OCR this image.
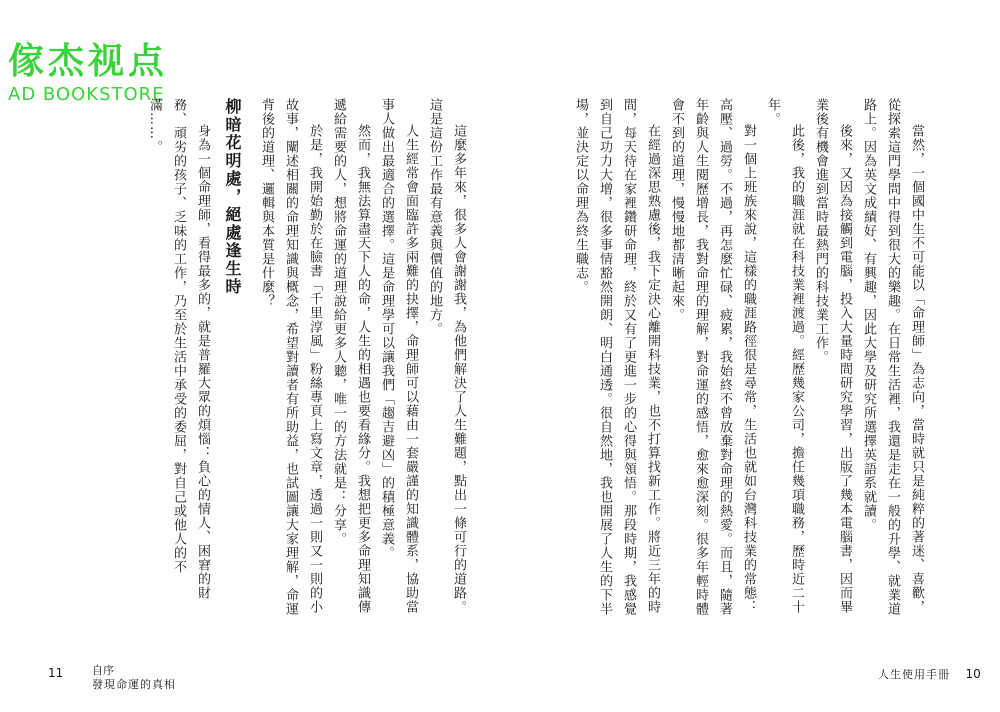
傢杰视点
AD BOOKSTORE

當然，一個國中生不可能以「命理師」為志向，當時就只是純粹的著迷、喜歡，從探索這門學問中得到很大的樂趣。在日常生活裡，我還是走在一般的升學、就業道路上。因為英文成績好、有興趣，因此大學及研究所選擇英語系就讀。

後來，又因為接觸到電腦，投入大量時間研究學習，出版了幾本電腦書，因而畢業後有機會進到當時最熱門的科技業工作。

此後，我的職涯就在科技業裡渡過。經歷幾家公司，擔任幾項職務，歷時近二十年。

對一個上班族來說，這樣的職涯路徑很是尋常，生活也就如台灣科技業的常態：高壓、過勞。不過，再怎麼忙碌、疲累，我始終不曾放棄對命理的熱愛。而且，隨著年齡與人生閱歷增長，我對命理的理解，對命運的感悟，愈來愈深刻。很多年輕時體會不到的道理，慢慢地都清晰起來。

在經過深思熟慮後，我下定決心離開科技業，也不打算找新工作。將近三年的時間，每天待在家裡鑽研命理，終於又有了更進一步的心得與領悟。那段時期，我感覺到自己功力大增，很多事情豁然開朗、明白通透。很自然地，我也開展了人生的下半場，並決定以命理為終生職志。

這麼多年來，很多人會謝謝我，為他們解決了人生難題，點出一條可行的道路。這是這份工作最有意義與價值的地方。

人生經常會面臨許多兩難的抉擇，命理師可以藉由一套嚴謹的知識體系，協助當事人做出最適合的選擇。這是命理學可以讓我們「趨吉避凶」的積極意義。

然而，我無法算盡天下人的命，人生的相遇也要看緣分。我想把更多命理知識傳遞給需要的人，想將命運的道理說給更多人聽，唯一的方法就是：分享。

於是，我開始勤於在臉書「千里淳風」粉絲專頁上寫文章，透過一則又一則的小故事，闡述相關的命理知識與概念，希望對讀者有所助益，也試圖讓大家理解，命運背後的道理、邏輯與本質是什麼？

柳暗花明處，絕處逢生時

身為一個命理師，看得最多的，就是普羅大眾的煩惱：負心的情人、困窘的財務、頑劣的孩子、乏味的工作，乃至於生活中承受的委屈，對自己或他人的不滿……。

11	自序
發現命運的真相
人生使用手冊 10
